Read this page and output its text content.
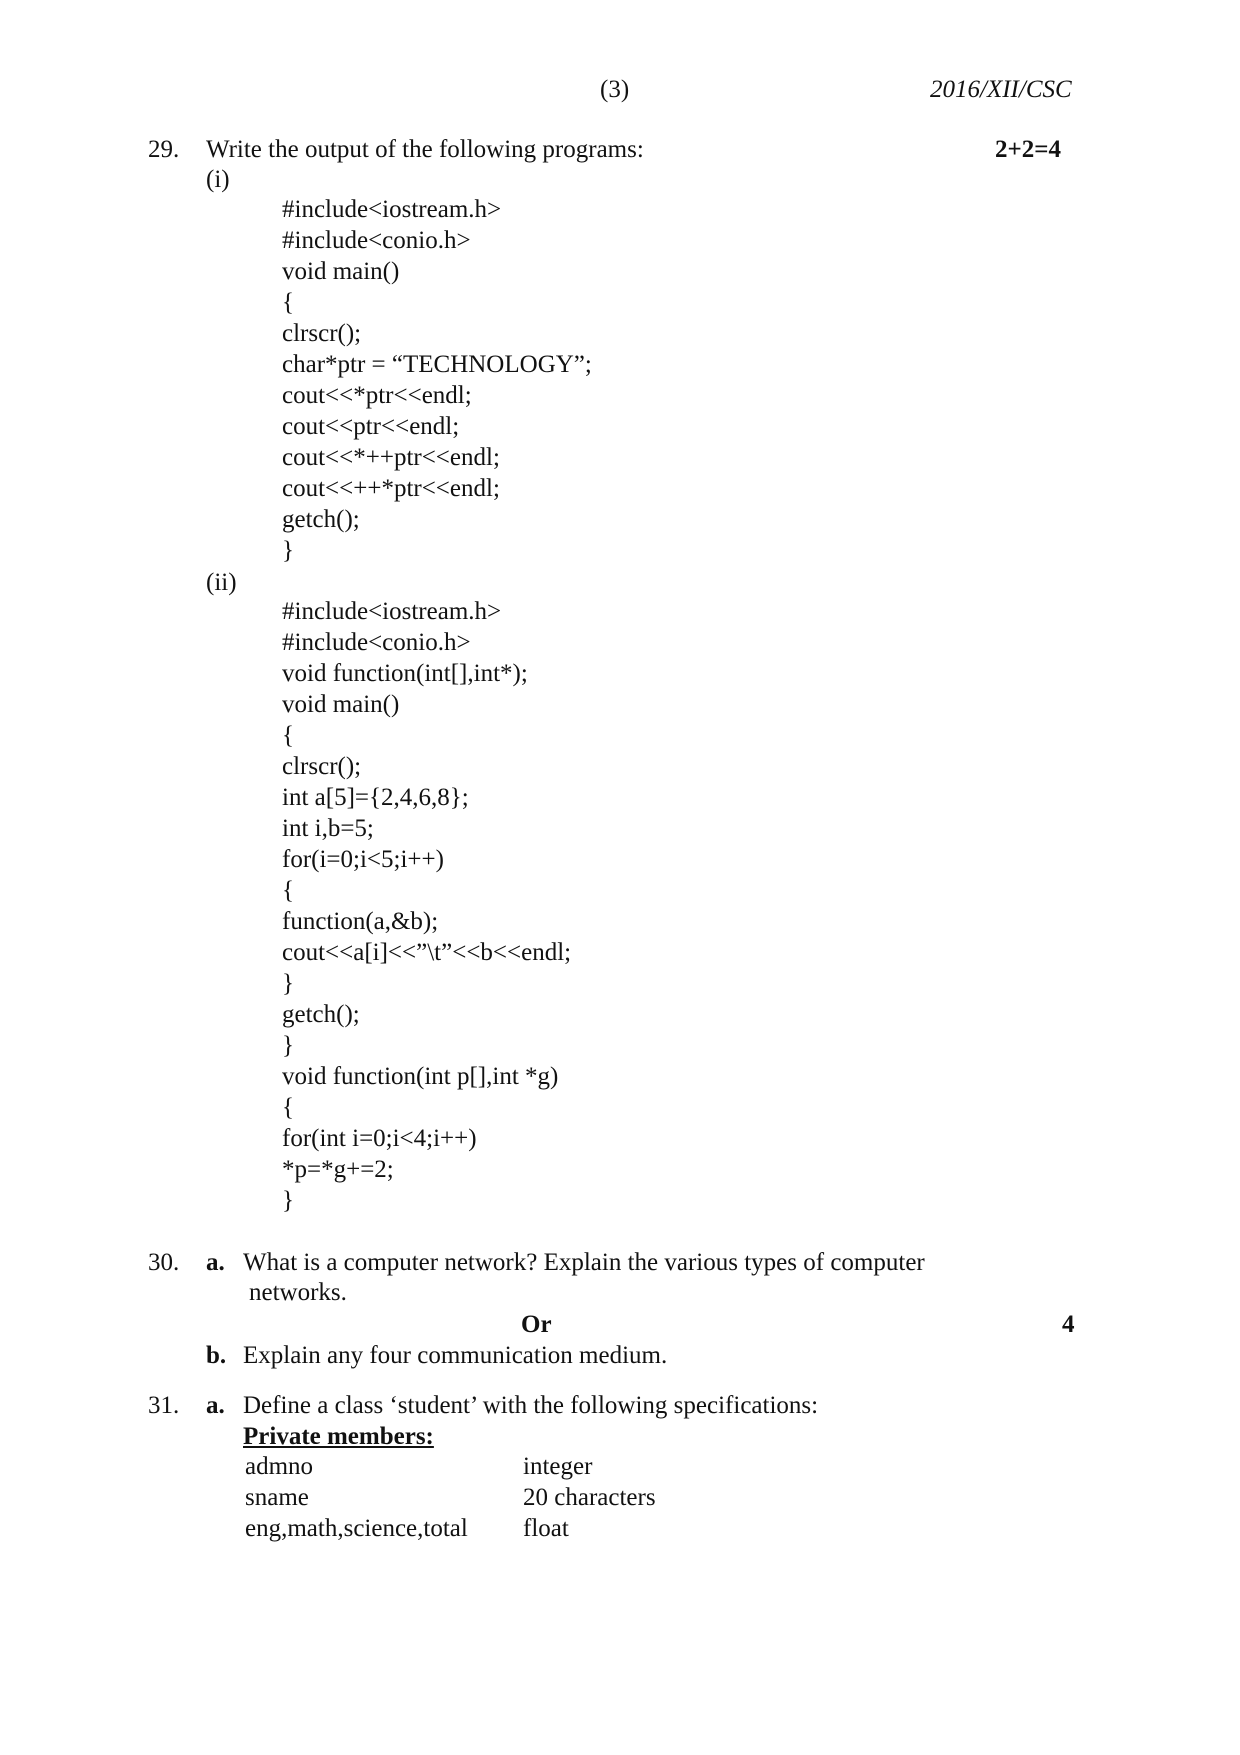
(3)	2016/XII/CSC
29. Write the output of the following programs:	2+2=4
(i)
#include<iostream.h>
#include<conio.h>
void main()
{
clrscr();
char*ptr = “TECHNOLOGY”;
cout<<*ptr<<endl;
cout<<ptr<<endl;
cout<<*++ptr<<endl;
cout<<++*ptr<<endl;
getch();
}
(ii)
#include<iostream.h>
#include<conio.h>
void function(int[],int*);
void main()
{
clrscr();
int a[5]={2,4,6,8};
int i,b=5;
for(i=0;i<5;i++)
{
function(a,&b);
cout<<a[i]<<”\t”<<b<<endl;
}
getch();
}
void function(int p[],int *g)
{
for(int i=0;i<4;i++)
*p=*g+=2;
}
30. a. What is a computer network? Explain the various types of computer
networks.
Or	4
b. Explain any four communication medium.
31. a. Define a class ‘student’ with the following specifications:
Private members:
admno	integer
sname	20 characters
eng,math,science,total float
